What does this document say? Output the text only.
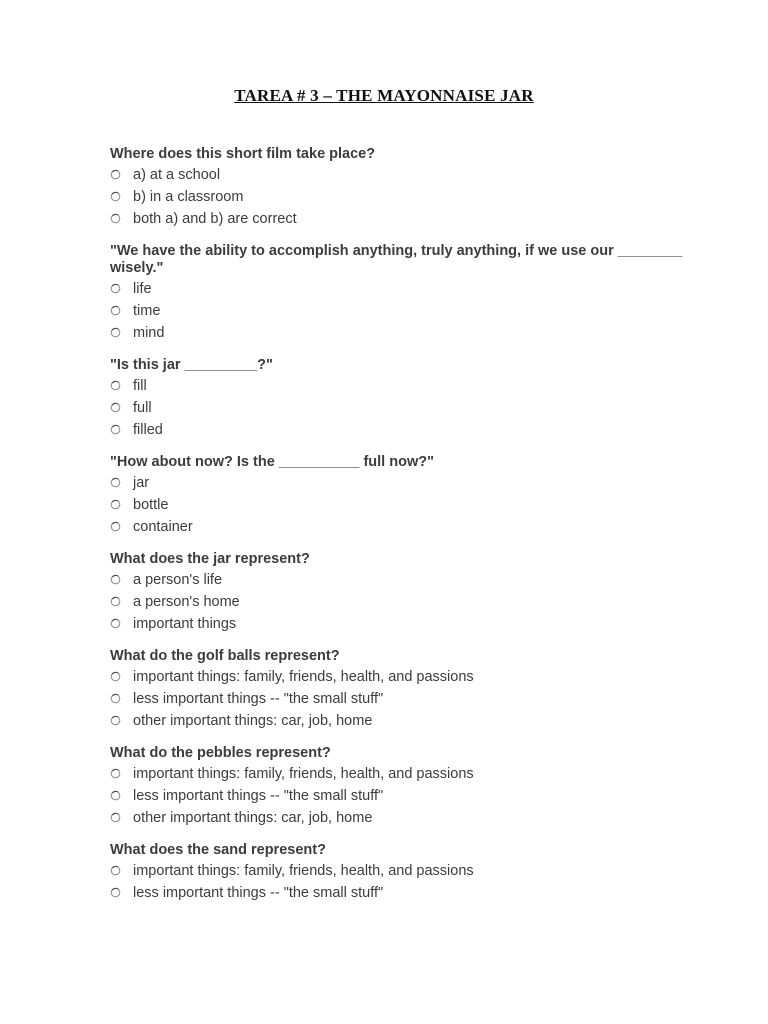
TAREA # 3 – THE MAYONNAISE JAR
Where does this short film take place?
a) at a school
b) in a classroom
both a) and b) are correct
"We have the ability to accomplish anything, truly anything, if we use our ________ wisely."
life
time
mind
"Is this jar _________?"
fill
full
filled
"How about now? Is the __________ full now?"
jar
bottle
container
What does the jar represent?
a person's life
a person's home
important things
What do the golf balls represent?
important things: family, friends, health, and passions
less important things -- "the small stuff"
other important things: car, job, home
What do the pebbles represent?
important things: family, friends, health, and passions
less important things -- "the small stuff"
other important things: car, job, home
What does the sand represent?
important things: family, friends, health, and passions
less important things -- "the small stuff"
